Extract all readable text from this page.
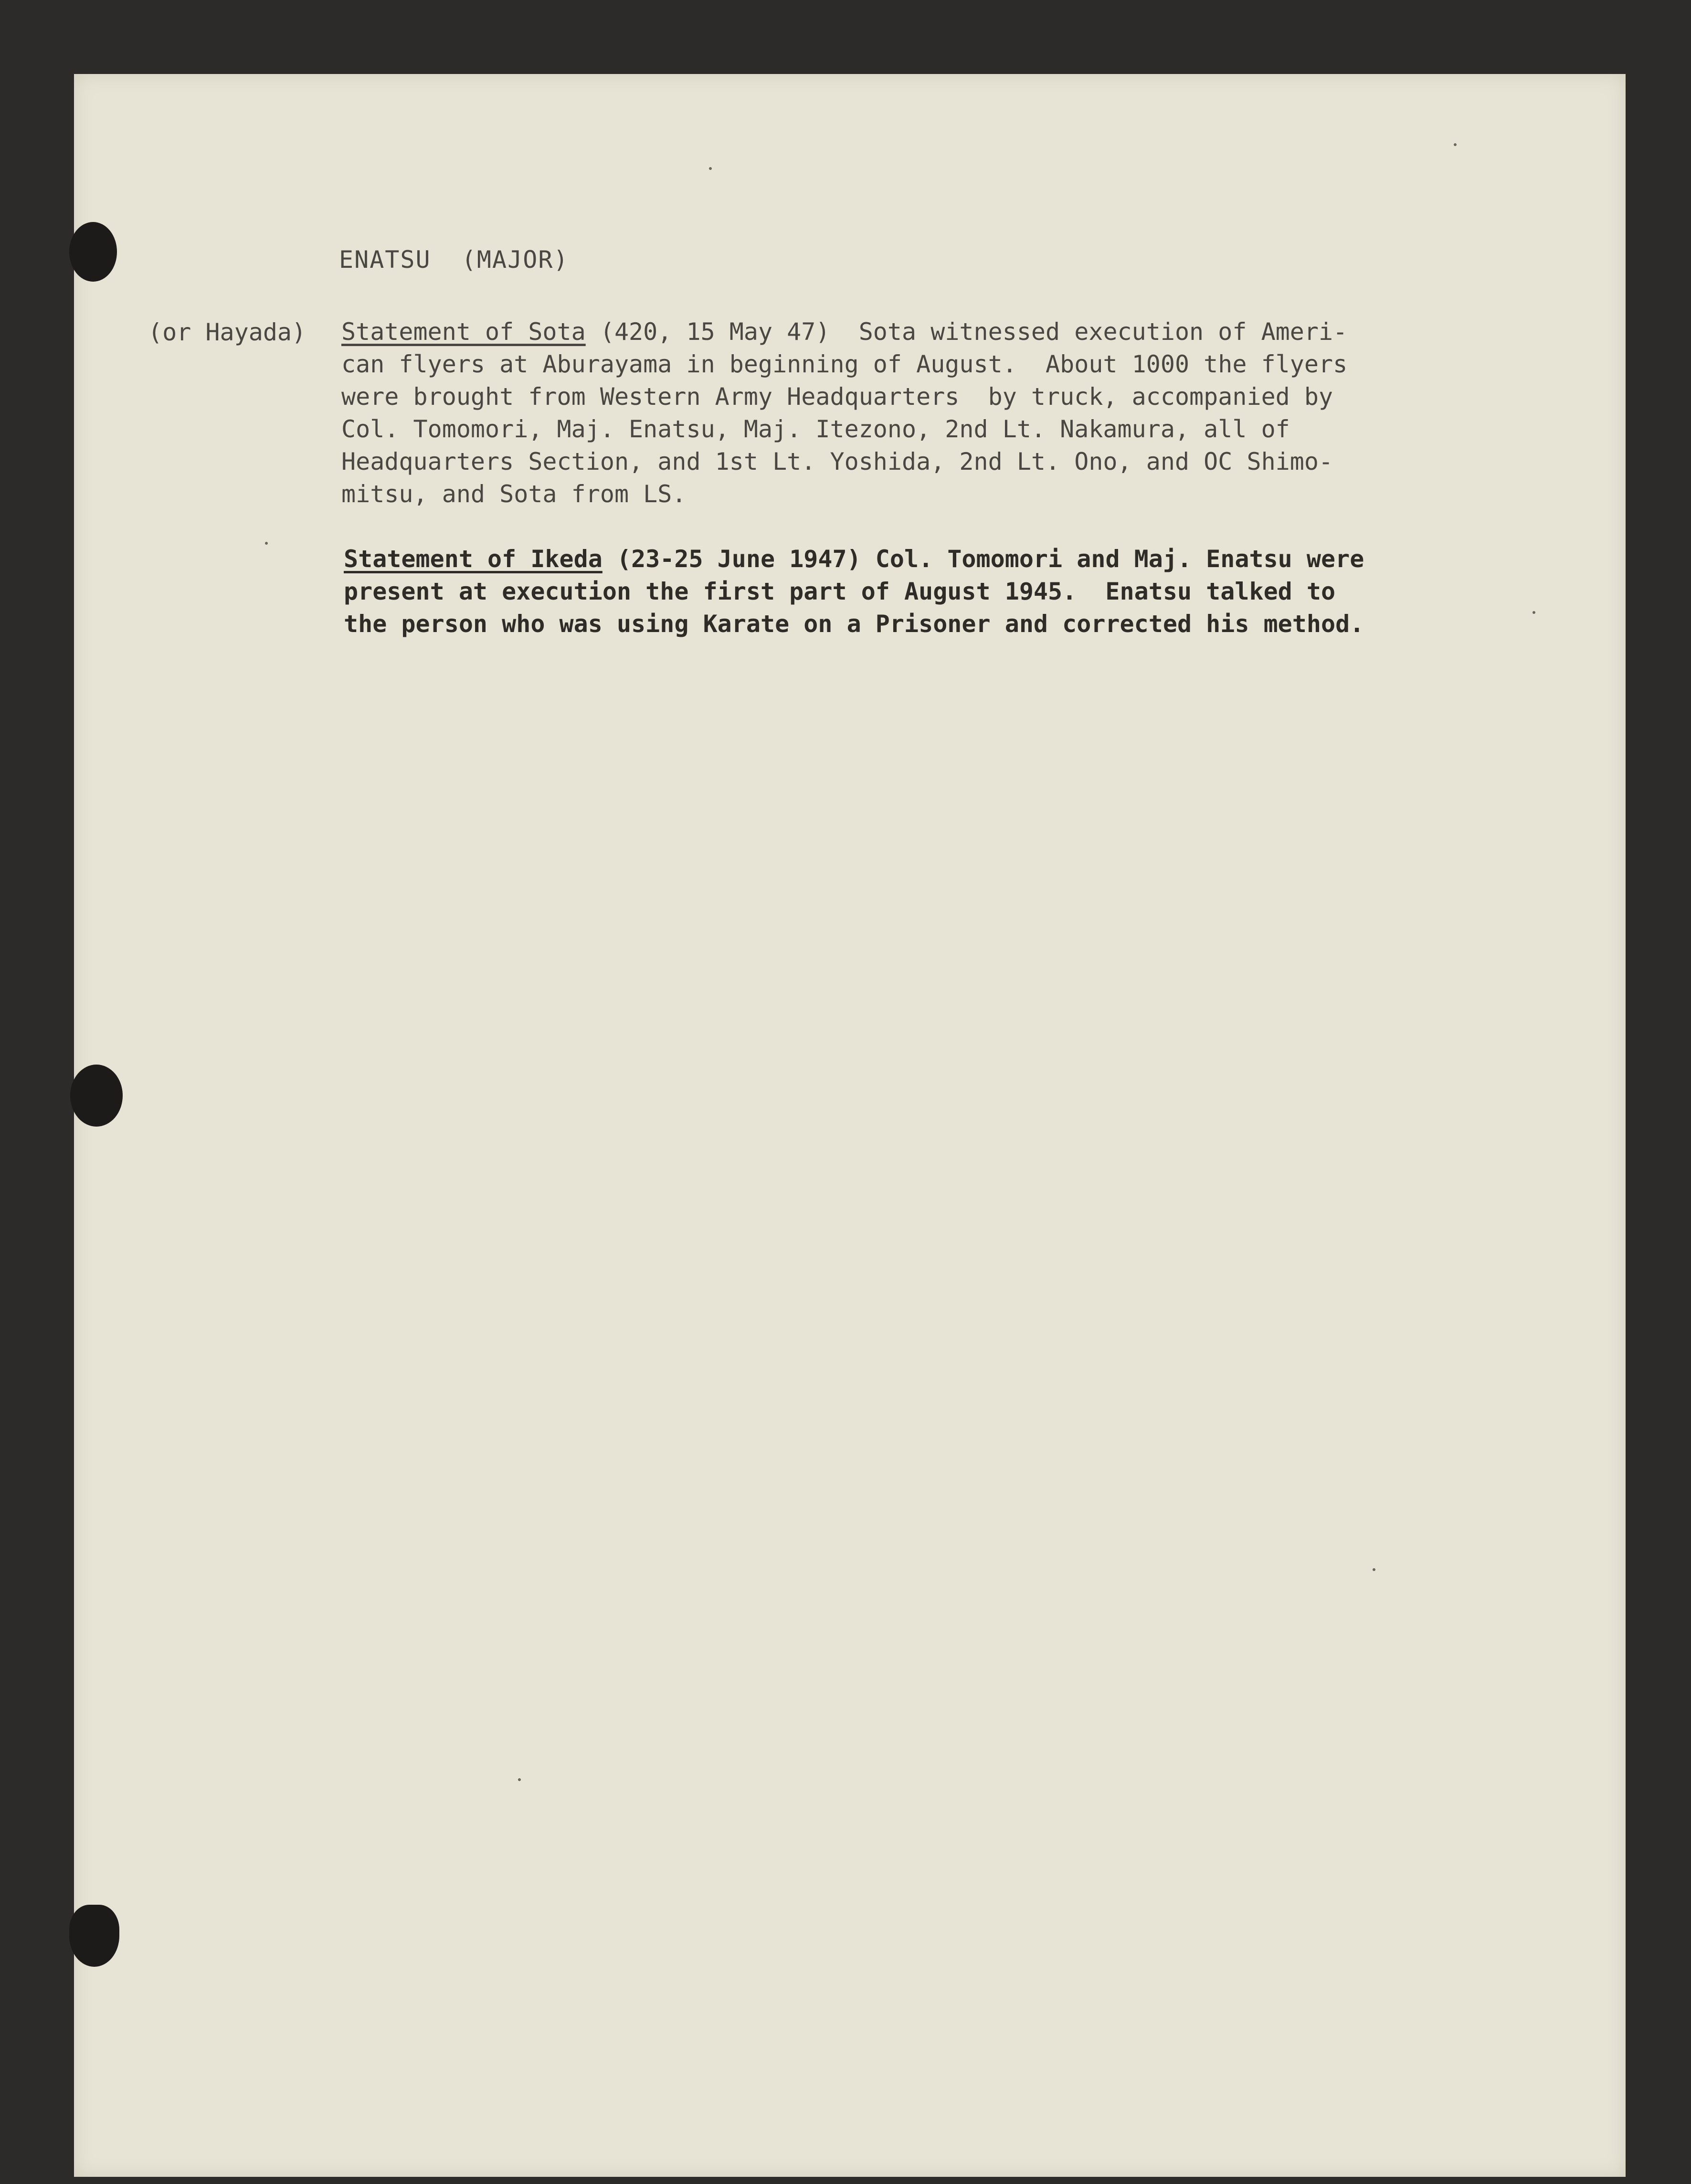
ENATSU  (MAJOR)

(or Hayada) Statement of Sota (420, 15 May 47)  Sota witnessed execution of Ameri-
can flyers at Aburayama in beginning of August.  About 1000 the flyers
were brought from Western Army Headquarters  by truck, accompanied by
Col. Tomomori, Maj. Enatsu, Maj. Itezono, 2nd Lt. Nakamura, all of
Headquarters Section, and 1st Lt. Yoshida, 2nd Lt. Ono, and OC Shimo-
mitsu, and Sota from LS.
Statement of Ikeda (23-25 June 1947) Col. Tomomori and Maj. Enatsu were
present at execution the first part of August 1945.  Enatsu talked to
the person who was using Karate on a Prisoner and corrected his method.
